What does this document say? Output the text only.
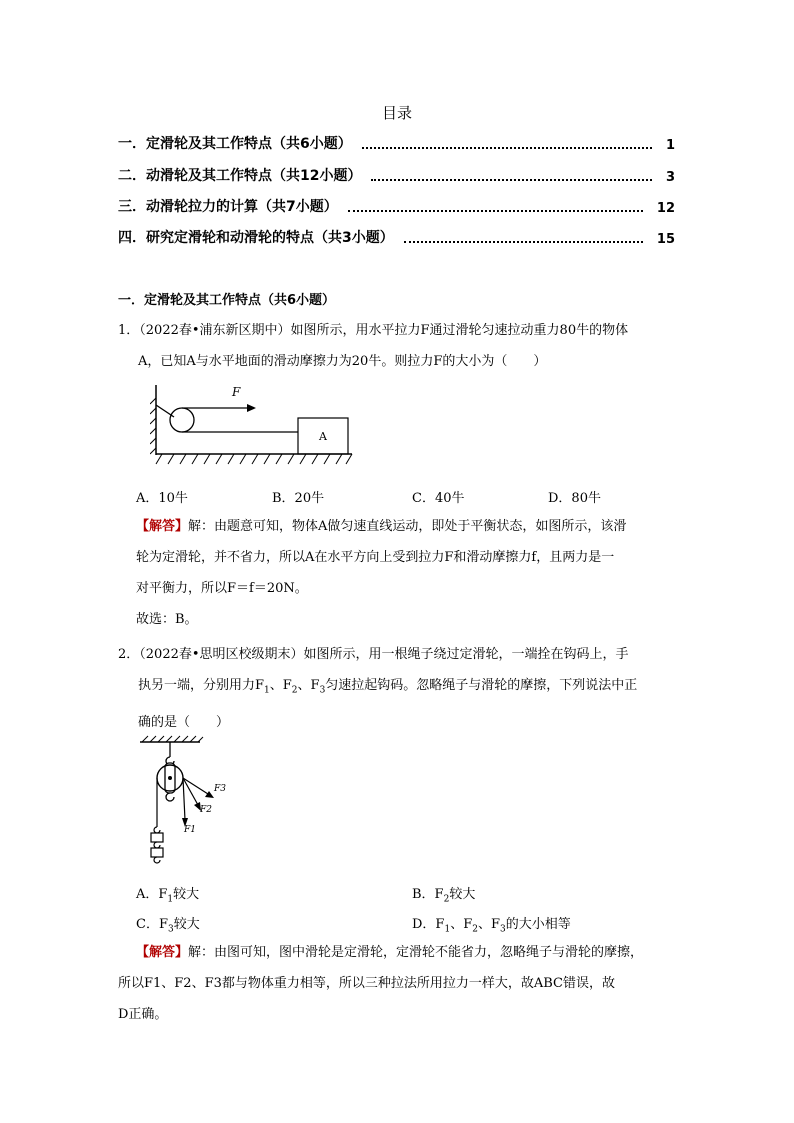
目录
一．定滑轮及其工作特点（共6小题）	1
二．动滑轮及其工作特点（共12小题）	3
三．动滑轮拉力的计算（共7小题）	12
四．研究定滑轮和动滑轮的特点（共3小题）	15
一．定滑轮及其工作特点（共6小题）
1．（2022春•浦东新区期中）如图所示，用水平拉力F通过滑轮匀速拉动重力80牛的物体
A，已知A与水平地面的滑动摩擦力为20牛。则拉力F的大小为（　　）
F
A
A．10牛	B．20牛	C．40牛	D．80牛
【解答】解：由题意可知，物体A做匀速直线运动，即处于平衡状态，如图所示，该滑
轮为定滑轮，并不省力，所以A在水平方向上受到拉力F和滑动摩擦力f，且两力是一
对平衡力，所以F＝f＝20N。
故选：B。
2．（2022春•思明区校级期末）如图所示，用一根绳子绕过定滑轮，一端拴在钩码上，手
执另一端，分别用力$F_1$、$F_2$、$F_3$匀速拉起钩码。忽略绳子与滑轮的摩擦，下列说法中正
确的是（　　）
F1
F2
F3
A．$F_1$较大	B．$F_2$较大
C．$F_3$较大	D．$F_1$、$F_2$、$F_3$的大小相等
【解答】解：由图可知，图中滑轮是定滑轮，定滑轮不能省力，忽略绳子与滑轮的摩擦，
所以F1、F2、F3都与物体重力相等，所以三种拉法所用拉力一样大，故ABC错误，故
D正确。
